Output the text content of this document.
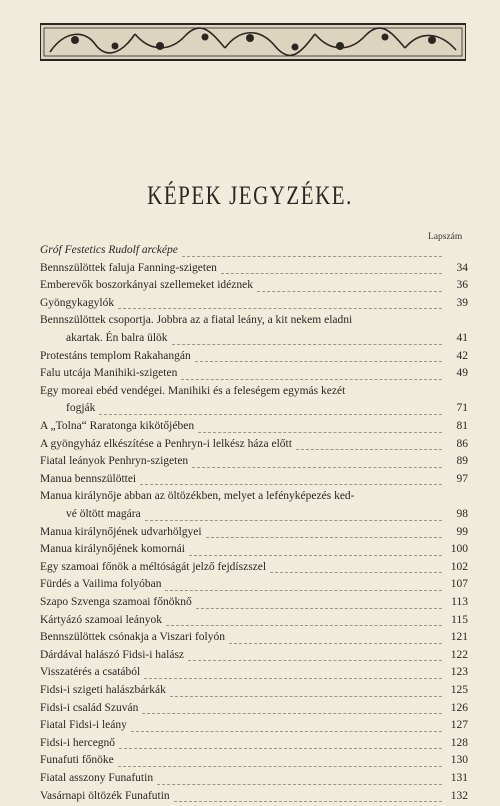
KÉPEK JEGYZÉKE.
Lapszám
Gróf Festetics Rudolf arcképe
Bennszülöttek faluja Fanning-szigeten	34
Emberevők boszorkányai szellemeket idéznek	36
Gyöngykagylók	39
Bennszülöttek csoportja. Jobbra az a fiatal leány, a kit nekem eladni
akartak. Én balra ülök	41
Protestáns templom Rakahangán	42
Falu utcája Manihiki-szigeten	49
Egy moreai ebéd vendégei. Manihiki és a feleségem egymás kezét
fogják	71
A „Tolna“ Raratonga kikötőjében	81
A gyöngyház elkészítése a Penhryn-i lelkész háza előtt	86
Fiatal leányok Penhryn-szigeten	89
Manua bennszülöttei	97
Manua királynője abban az öltözékben, melyet a lefényképezés ked-
vé öltött magára	98
Manua királynőjének udvarhölgyei	99
Manua királynőjének komornái	100
Egy szamoai főnök a méltóságát jelző fejdíszszel	102
Fürdés a Vailima folyóban	107
Szapo Szvenga szamoai főnöknő	113
Kártyázó szamoai leányok	115
Bennszülöttek csónakja a Viszari folyón	121
Dárdával halászó Fidsi-i halász	122
Visszatérés a csatából	123
Fidsi-i szigeti halászbárkák	125
Fidsi-i család Szuván	126
Fiatal Fidsi-i leány	127
Fidsi-i hercegnő	128
Funafuti főnöke	130
Fiatal asszony Funafutin	131
Vasárnapi öltözék Funafutin	132
